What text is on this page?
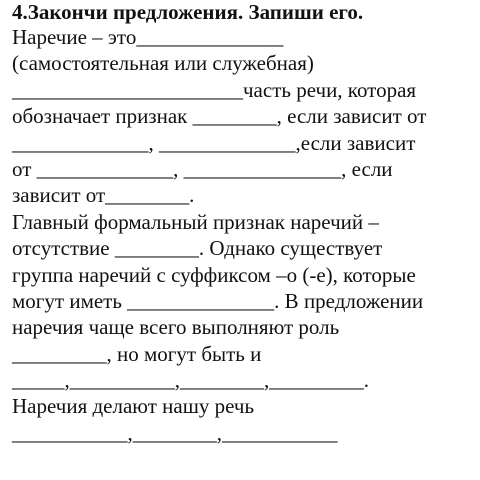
4.Закончи предложения. Запиши его.
Наречие – это______________
(самостоятельная или служебная)
______________________часть речи, которая
обозначает признак ________, если зависит от
_____________, _____________,если зависит
от _____________, _______________, если
зависит от________.
Главный формальный признак наречий –
отсутствие ________. Однако существует
группа наречий с суффиксом –о (-е), которые
могут иметь ______________. В предложении
наречия чаще всего выполняют роль
_________, но могут быть и
_____,__________,________,_________.
Наречия делают нашу речь
___________,________,___________
